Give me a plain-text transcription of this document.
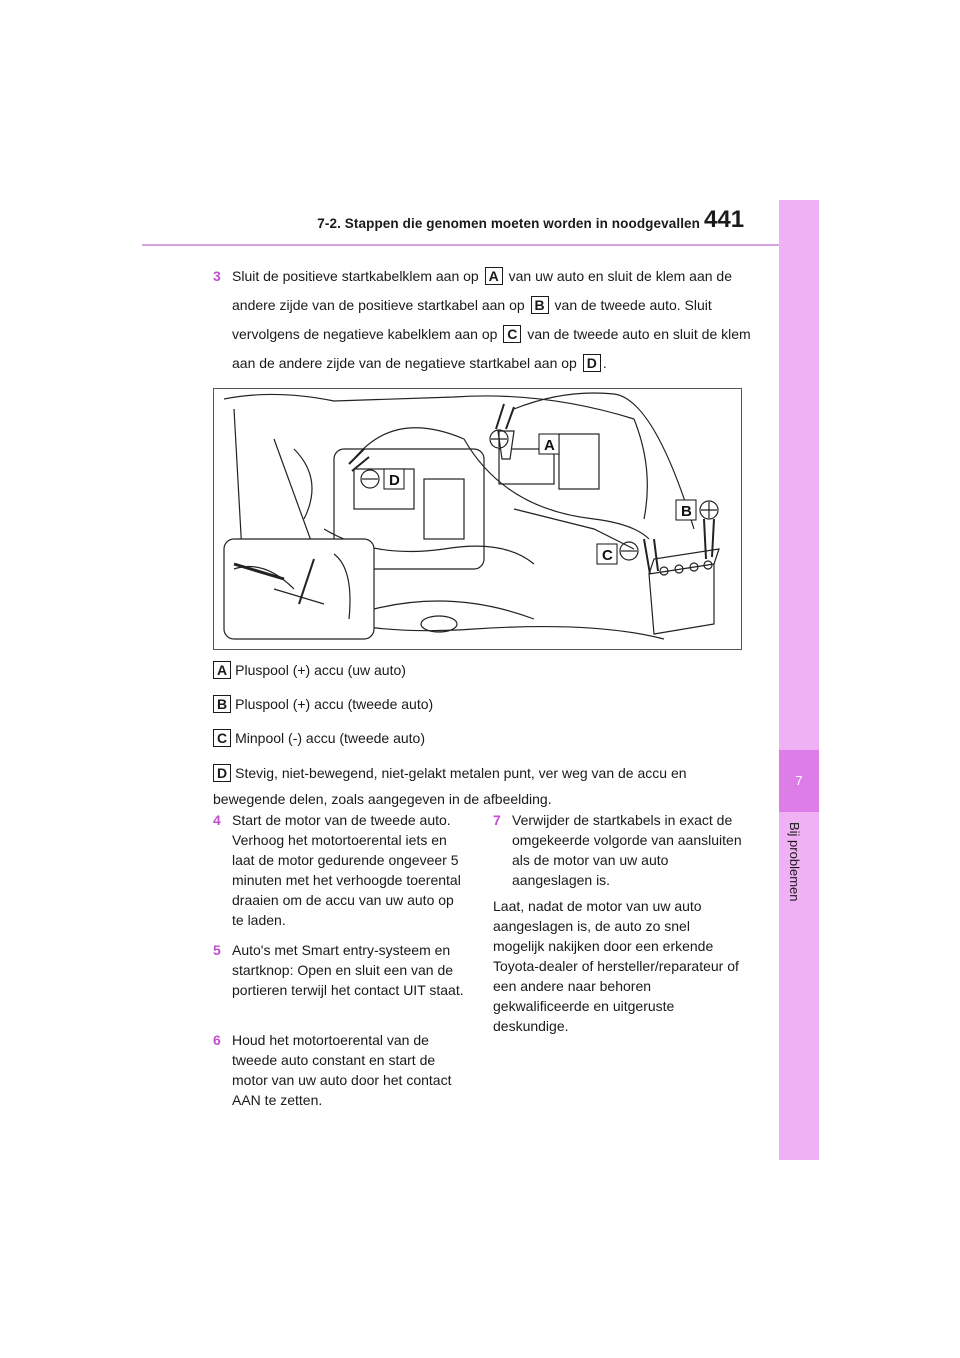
7-2. Stappen die genomen moeten worden in noodgevallen 441
7
Bij problemen
3 Sluit de positieve startkabelklem aan op A van uw auto en sluit de klem aan de andere zijde van de positieve startkabel aan op B van de tweede auto. Sluit vervolgens de negatieve kabelklem aan op C van de tweede auto en sluit de klem aan de andere zijde van de negatieve startkabel aan op D .
A
D
B
C
A Pluspool (+) accu (uw auto)
B Pluspool (+) accu (tweede auto)
C Minpool (-) accu (tweede auto)
D Stevig, niet-bewegend, niet-gelakt metalen punt, ver weg van de accu en bewegende delen, zoals aangegeven in de afbeelding.
4 Start de motor van de tweede auto. Verhoog het motortoerental iets en laat de motor gedurende ongeveer 5 minuten met het verhoogde toerental draaien om de accu van uw auto op te laden.
5 Auto's met Smart entry-systeem en startknop: Open en sluit een van de portieren terwijl het contact UIT staat.
6 Houd het motortoerental van de tweede auto constant en start de motor van uw auto door het contact AAN te zetten.
7 Verwijder de startkabels in exact de omgekeerde volgorde van aansluiten als de motor van uw auto aangeslagen is.
Laat, nadat de motor van uw auto aangeslagen is, de auto zo snel mogelijk nakijken door een erkende Toyota-dealer of hersteller/reparateur of een andere naar behoren gekwalificeerde en uitgeruste deskundige.
